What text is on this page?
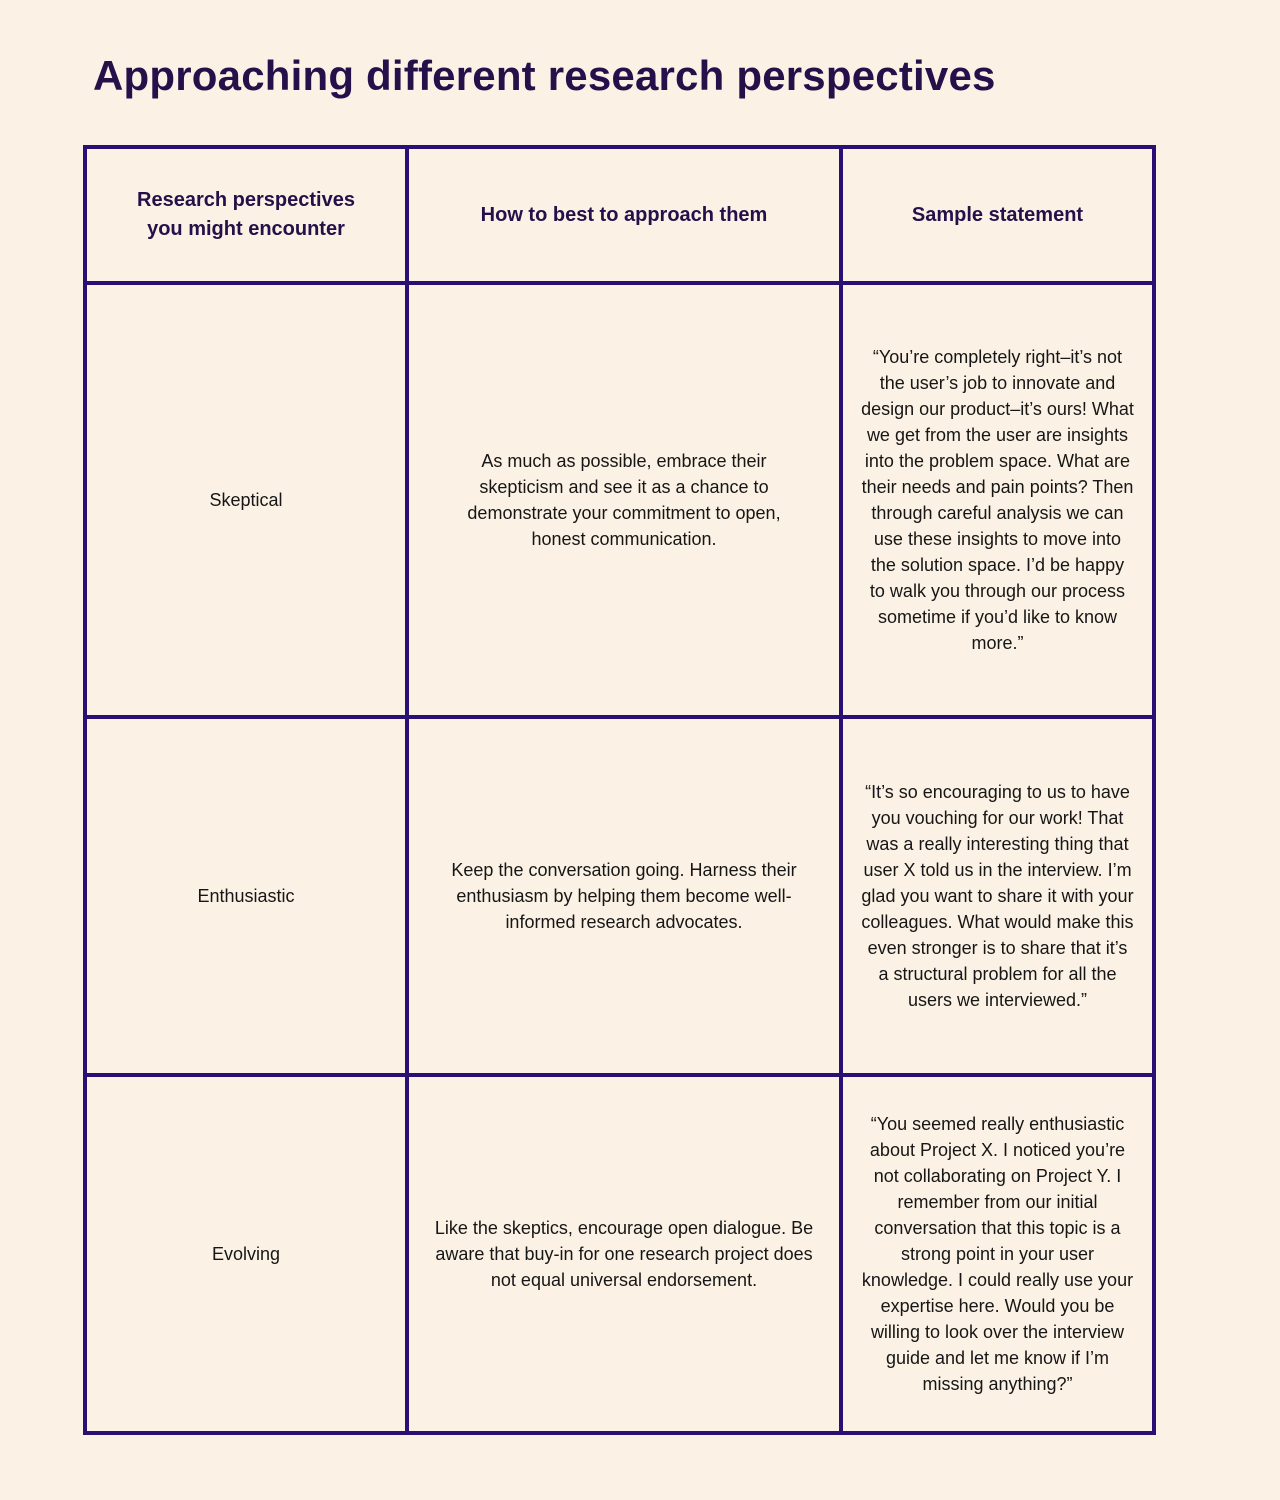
Approaching different research perspectives
Research perspectives you might encounter	How to best to approach them	Sample statement
Skeptical	As much as possible, embrace their skepticism and see it as a chance to demonstrate your commitment to open, honest communication.	“You’re completely right–it’s not the user’s job to innovate and design our product–it’s ours! What we get from the user are insights into the problem space. What are their needs and pain points? Then through careful analysis we can use these insights to move into the solution space. I’d be happy to walk you through our process sometime if you’d like to know more.”
Enthusiastic	Keep the conversation going. Harness their enthusiasm by helping them become well-informed research advocates.	“It’s so encouraging to us to have you vouching for our work! That was a really interesting thing that user X told us in the interview. I’m glad you want to share it with your colleagues. What would make this even stronger is to share that it’s a structural problem for all the users we interviewed.”
Evolving	Like the skeptics, encourage open dialogue. Be aware that buy-in for one research project does not equal universal endorsement.	“You seemed really enthusiastic about Project X. I noticed you’re not collaborating on Project Y. I remember from our initial conversation that this topic is a strong point in your user knowledge. I could really use your expertise here. Would you be willing to look over the interview guide and let me know if I’m missing anything?”
